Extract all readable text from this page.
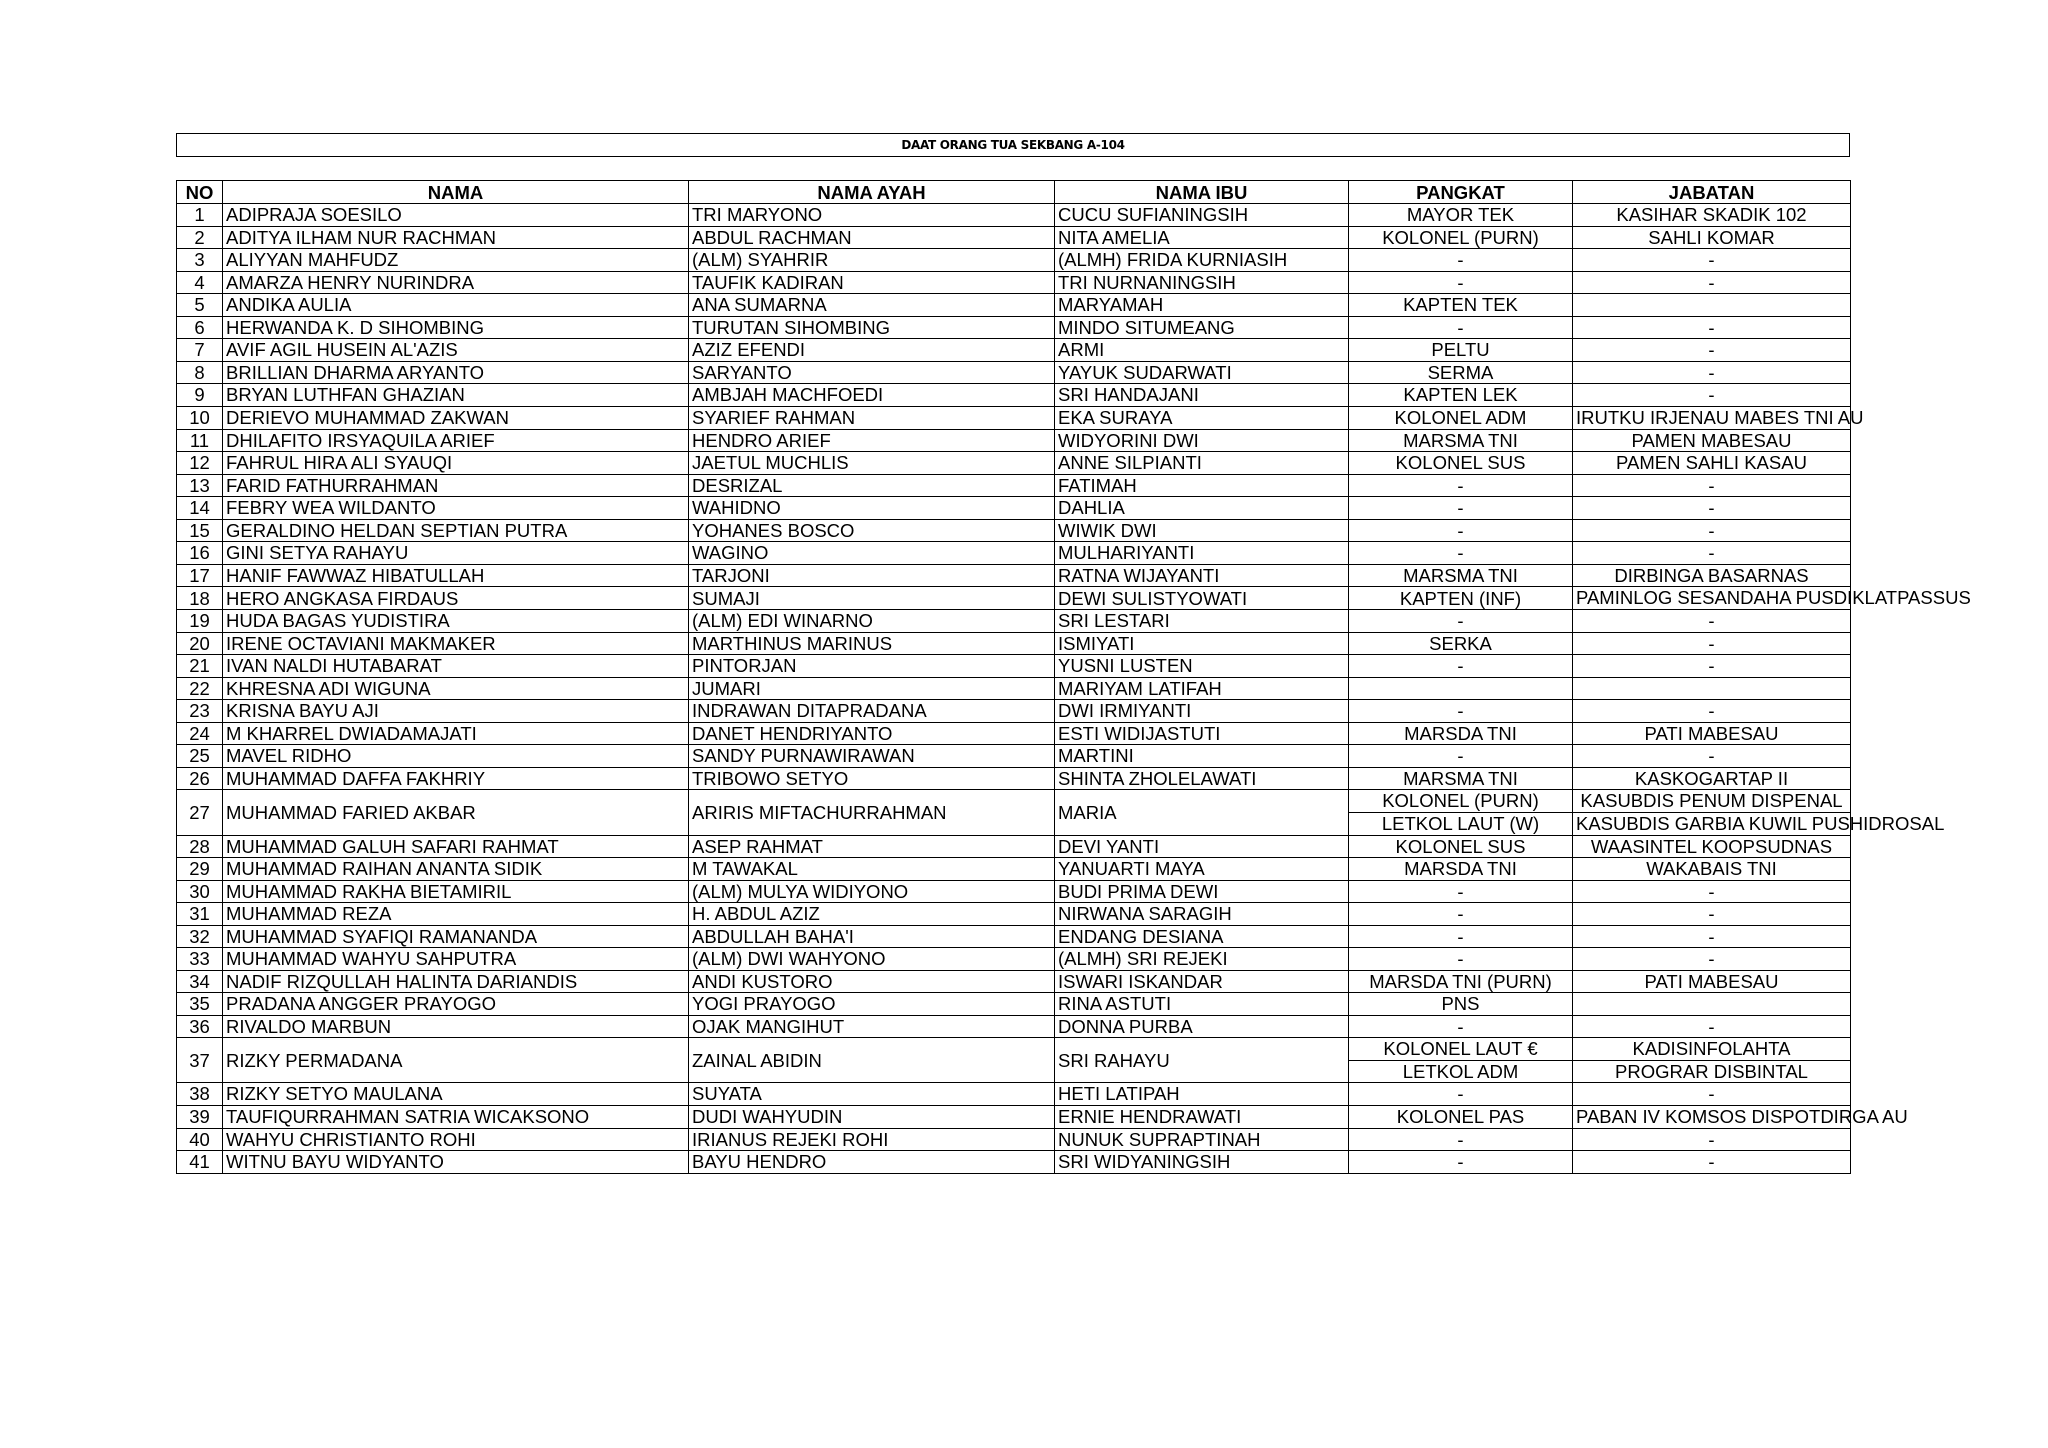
DAAT ORANG TUA SEKBANG A-104
NO	NAMA	NAMA AYAH	NAMA IBU	PANGKAT	JABATAN
1	ADIPRAJA SOESILO	TRI MARYONO	CUCU SUFIANINGSIH	MAYOR TEK	KASIHAR SKADIK 102
2	ADITYA ILHAM NUR RACHMAN	ABDUL RACHMAN	NITA AMELIA	KOLONEL (PURN)	SAHLI KOMAR
3	ALIYYAN MAHFUDZ	(ALM) SYAHRIR	(ALMH) FRIDA KURNIASIH	-	-
4	AMARZA HENRY NURINDRA	TAUFIK KADIRAN	TRI NURNANINGSIH	-	-
5	ANDIKA AULIA	ANA SUMARNA	MARYAMAH	KAPTEN TEK	
6	HERWANDA K. D SIHOMBING	TURUTAN SIHOMBING	MINDO SITUMEANG	-	-
7	AVIF AGIL HUSEIN AL'AZIS	AZIZ EFENDI	ARMI	PELTU	-
8	BRILLIAN DHARMA ARYANTO	SARYANTO	YAYUK SUDARWATI	SERMA	-
9	BRYAN LUTHFAN GHAZIAN	AMBJAH MACHFOEDI	SRI HANDAJANI	KAPTEN LEK	-
10	DERIEVO MUHAMMAD ZAKWAN	SYARIEF RAHMAN	EKA SURAYA	KOLONEL ADM	IRUTKU IRJENAU MABES TNI AU
11	DHILAFITO IRSYAQUILA ARIEF	HENDRO ARIEF	WIDYORINI DWI	MARSMA TNI	PAMEN MABESAU
12	FAHRUL HIRA ALI SYAUQI	JAETUL MUCHLIS	ANNE SILPIANTI	KOLONEL SUS	PAMEN SAHLI KASAU
13	FARID FATHURRAHMAN	DESRIZAL	FATIMAH	-	-
14	FEBRY WEA WILDANTO	WAHIDNO	DAHLIA	-	-
15	GERALDINO HELDAN SEPTIAN PUTRA	YOHANES BOSCO	WIWIK DWI	-	-
16	GINI SETYA RAHAYU	WAGINO	MULHARIYANTI	-	-
17	HANIF FAWWAZ HIBATULLAH	TARJONI	RATNA WIJAYANTI	MARSMA TNI	DIRBINGA BASARNAS
18	HERO ANGKASA FIRDAUS	SUMAJI	DEWI SULISTYOWATI	KAPTEN (INF)	PAMINLOG SESANDAHA PUSDIKLATPASSUS
19	HUDA BAGAS YUDISTIRA	(ALM) EDI WINARNO	SRI LESTARI	-	-
20	IRENE OCTAVIANI MAKMAKER	MARTHINUS MARINUS	ISMIYATI	SERKA	-
21	IVAN NALDI HUTABARAT	PINTORJAN	YUSNI LUSTEN	-	-
22	KHRESNA ADI WIGUNA	JUMARI	MARIYAM LATIFAH		
23	KRISNA BAYU AJI	INDRAWAN DITAPRADANA	DWI IRMIYANTI	-	-
24	M KHARREL DWIADAMAJATI	DANET HENDRIYANTO	ESTI WIDIJASTUTI	MARSDA TNI	PATI MABESAU
25	MAVEL RIDHO	SANDY PURNAWIRAWAN	MARTINI	-	-
26	MUHAMMAD DAFFA FAKHRIY	TRIBOWO SETYO	SHINTA ZHOLELAWATI	MARSMA TNI	KASKOGARTAP II
27	MUHAMMAD FARIED AKBAR	ARIRIS MIFTACHURRAHMAN	MARIA	KOLONEL (PURN)	KASUBDIS PENUM DISPENAL
				LETKOL LAUT (W)	KASUBDIS GARBIA KUWIL PUSHIDROSAL
28	MUHAMMAD GALUH SAFARI RAHMAT	ASEP RAHMAT	DEVI YANTI	KOLONEL SUS	WAASINTEL KOOPSUDNAS
29	MUHAMMAD RAIHAN ANANTA SIDIK	M TAWAKAL	YANUARTI MAYA	MARSDA TNI	WAKABAIS TNI
30	MUHAMMAD RAKHA BIETAMIRIL	(ALM) MULYA WIDIYONO	BUDI PRIMA DEWI	-	-
31	MUHAMMAD REZA	H. ABDUL AZIZ	NIRWANA SARAGIH	-	-
32	MUHAMMAD SYAFIQI RAMANANDA	ABDULLAH BAHA'I	ENDANG DESIANA	-	-
33	MUHAMMAD WAHYU SAHPUTRA	(ALM) DWI WAHYONO	(ALMH) SRI REJEKI	-	-
34	NADIF RIZQULLAH HALINTA DARIANDIS	ANDI KUSTORO	ISWARI ISKANDAR	MARSDA TNI (PURN)	PATI MABESAU
35	PRADANA ANGGER PRAYOGO	YOGI PRAYOGO	RINA ASTUTI	PNS	
36	RIVALDO MARBUN	OJAK MANGIHUT	DONNA PURBA	-	-
37	RIZKY PERMADANA	ZAINAL ABIDIN	SRI RAHAYU	KOLONEL LAUT €	KADISINFOLAHTA
				LETKOL ADM	PROGRAR DISBINTAL
38	RIZKY SETYO MAULANA	SUYATA	HETI LATIPAH	-	-
39	TAUFIQURRAHMAN SATRIA WICAKSONO	DUDI WAHYUDIN	ERNIE HENDRAWATI	KOLONEL PAS	PABAN IV KOMSOS DISPOTDIRGA AU
40	WAHYU CHRISTIANTO ROHI	IRIANUS REJEKI ROHI	NUNUK SUPRAPTINAH	-	-
41	WITNU BAYU WIDYANTO	BAYU HENDRO	SRI WIDYANINGSIH	-	-
